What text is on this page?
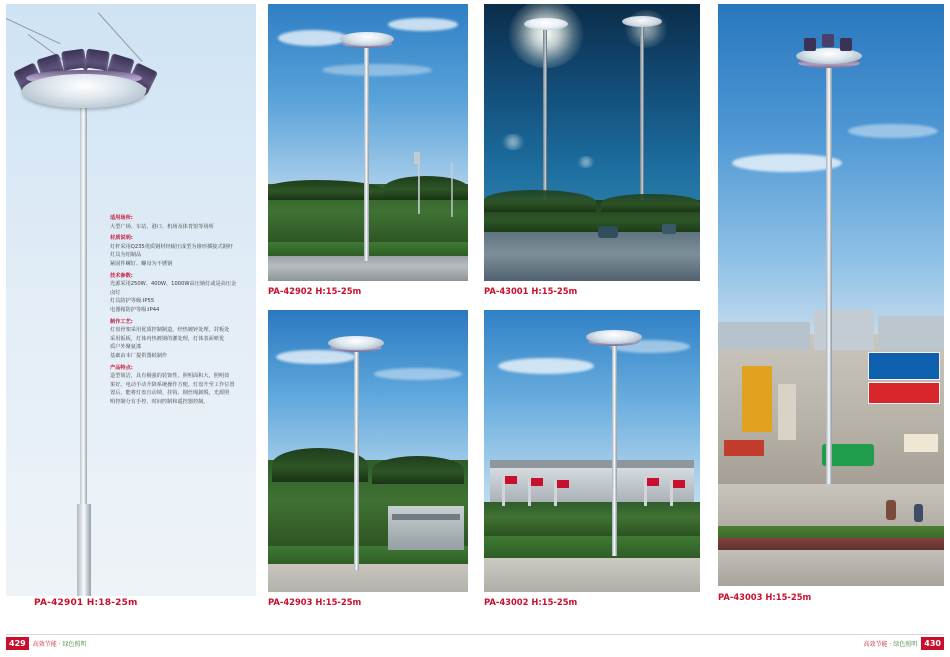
适用场所:

大型广场、车站、港口、机场及体育馆等场所

材质说明:

灯杆采用Q235优质钢材经辊压成型为锥形插接式钢杆

灯具为铝制品

紧固件螺钉、螺母为不锈钢

技术参数:

光源采用250W、400W、1000W高压钠灯或是高压金

卤灯

灯具防护等级:IP55

电器箱防护等级:IP44

制作工艺:

灯盘骨架采用优质控制制造，经热镀锌处理，封板处

采用钣板，灯体内热镀钢的灌处理，灯体表面喷优

质户外聚氨漆

基础由本厂提供图纸制作

产品特点:

造型简洁，具有极强的装饰性。照明面积大，照明效

果好。电动手动升降系统操作方便。灯盘升至工作位置

置后，能将灯盘自动锁、挂钩、钢丝绳卸脱，光源照

明控制分有手控、时间控制和遥控器控制。

PA-42901 H:18-25m
PA-42902 H:15-25m	PA-43001 H:15-25m
PA-42903 H:15-25m	PA-43002 H:15-25m	PA-43003 H:15-25m
429	高效节能 · 绿色照明	高效节能 · 绿色照明 430
